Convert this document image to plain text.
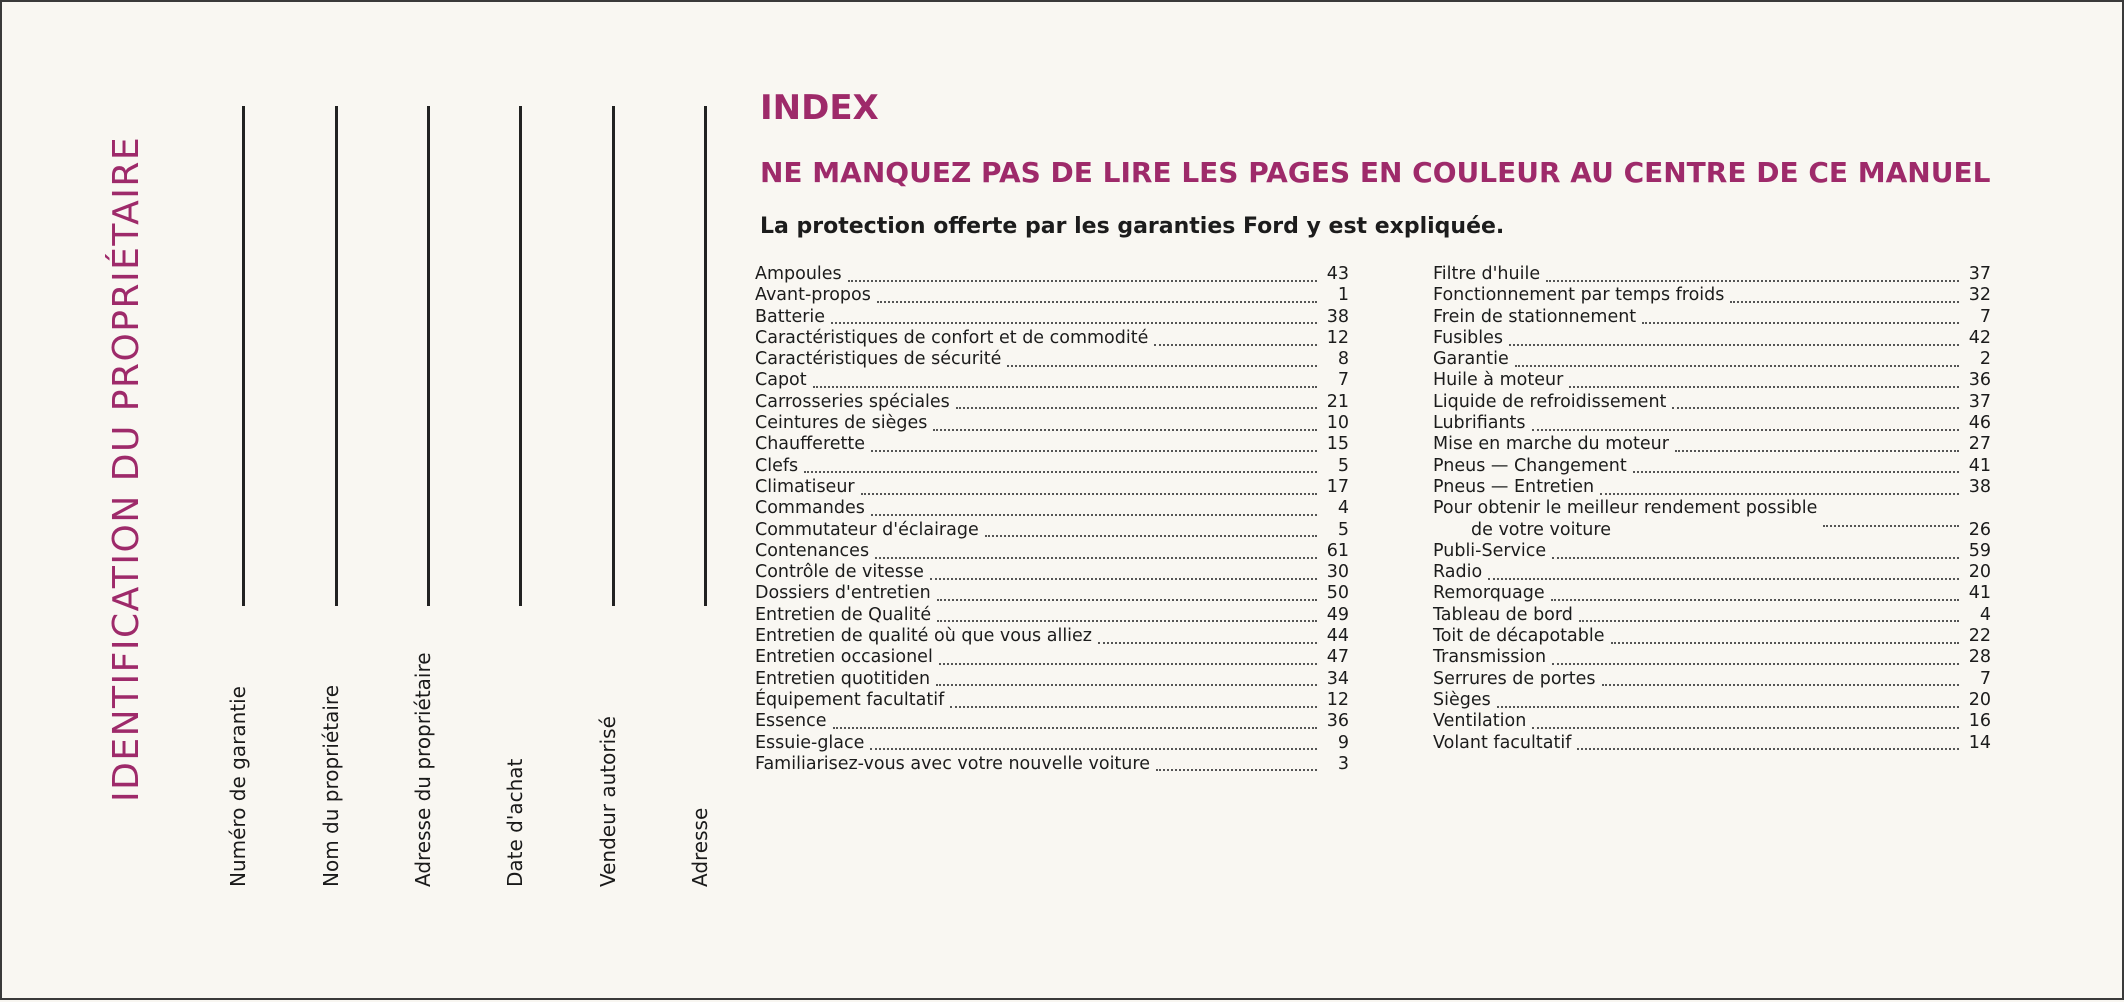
IDENTIFICATION DU PROPRIÉTAIRE	Numéro de garantie	Nom du propriétaire	Adresse du propriétaire	Date d'achat	Vendeur autorisé	Adresse
INDEX
NE MANQUEZ PAS DE LIRE LES PAGES EN COULEUR AU CENTRE DE CE MANUEL
La protection offerte par les garanties Ford y est expliquée.
Ampoules	43
Avant-propos	1
Batterie	38
Caractéristiques de confort et de commodité	12
Caractéristiques de sécurité	8
Capot	7
Carrosseries spéciales	21
Ceintures de sièges	10
Chaufferette	15
Clefs	5
Climatiseur	17
Commandes	4
Commutateur d'éclairage	5
Contenances	61
Contrôle de vitesse	30
Dossiers d'entretien	50
Entretien de Qualité	49
Entretien de qualité où que vous alliez	44
Entretien occasionel	47
Entretien quotitiden	34
Équipement facultatif	12
Essence	36
Essuie-glace	9
Familiarisez-vous avec votre nouvelle voiture	3
Filtre d'huile	37
Fonctionnement par temps froids	32
Frein de stationnement	7
Fusibles	42
Garantie	2
Huile à moteur	36
Liquide de refroidissement	37
Lubrifiants	46
Mise en marche du moteur	27
Pneus — Changement	41
Pneus — Entretien	38
Pour obtenir le meilleur rendement possible
de votre voiture	26
Publi-Service	59
Radio	20
Remorquage	41
Tableau de bord	4
Toit de décapotable	22
Transmission	28
Serrures de portes	7
Sièges	20
Ventilation	16
Volant facultatif	14
